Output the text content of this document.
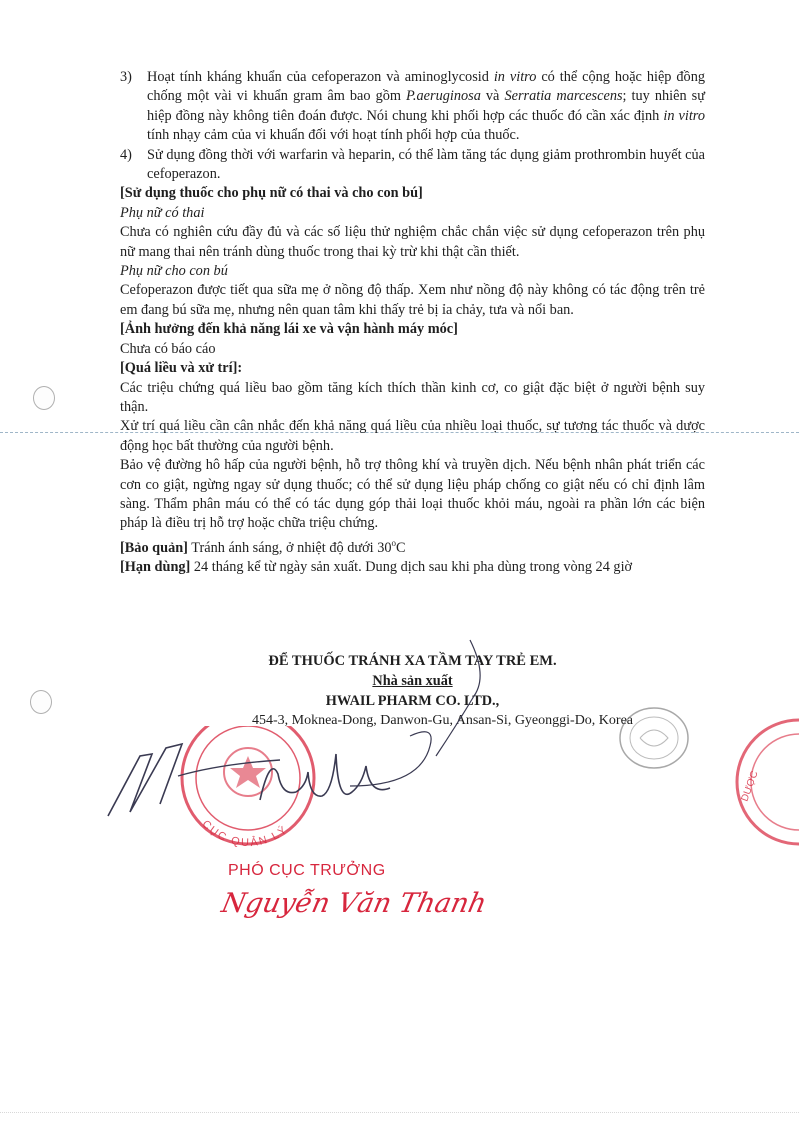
3) Hoạt tính kháng khuẩn của cefoperazon và aminoglycosid in vitro có thể cộng hoặc hiệp đồng chống một vài vi khuẩn gram âm bao gồm P.aeruginosa và Serratia marcescens; tuy nhiên sự hiệp đồng này không tiên đoán được. Nói chung khi phối hợp các thuốc đó cần xác định in vitro tính nhạy cảm của vi khuẩn đối với hoạt tính phối hợp của thuốc.
4) Sử dụng đồng thời với warfarin và heparin, có thể làm tăng tác dụng giảm prothrombin huyết của cefoperazon.
[Sử dụng thuốc cho phụ nữ có thai và cho con bú]
Phụ nữ có thai
Chưa có nghiên cứu đầy đủ và các số liệu thử nghiệm chắc chắn việc sử dụng cefoperazon trên phụ nữ mang thai nên tránh dùng thuốc trong thai kỳ trừ khi thật cần thiết.
Phụ nữ cho con bú
Cefoperazon được tiết qua sữa mẹ ở nồng độ thấp. Xem như nồng độ này không có tác động trên trẻ em đang bú sữa mẹ, nhưng nên quan tâm khi thấy trẻ bị ỉa chảy, tưa và nổi ban.
[Ảnh hưởng đến khả năng lái xe và vận hành máy móc]
Chưa có báo cáo
[Quá liều và xử trí]:
Các triệu chứng quá liều bao gồm tăng kích thích thần kinh cơ, co giật đặc biệt ở người bệnh suy thận.
Xử trí quá liều cần cân nhắc đến khả năng quá liều của nhiều loại thuốc, sự tương tác thuốc và dược động học bất thường của người bệnh.
Bảo vệ đường hô hấp của người bệnh, hỗ trợ thông khí và truyền dịch. Nếu bệnh nhân phát triển các cơn co giật, ngừng ngay sử dụng thuốc; có thể sử dụng liệu pháp chống co giật nếu có chỉ định lâm sàng. Thẩm phân máu có thể có tác dụng góp thải loại thuốc khỏi máu, ngoài ra phần lớn các biện pháp là điều trị hỗ trợ hoặc chữa triệu chứng.
[Bảo quản] Tránh ánh sáng, ở nhiệt độ dưới 30$^o$C
[Hạn dùng] 24 tháng kể từ ngày sản xuất. Dung dịch sau khi pha dùng trong vòng 24 giờ
ĐỂ THUỐC TRÁNH XA TẦM TAY TRẺ EM.
Nhà sản xuất
HWAIL PHARM CO. LTD.,
454-3, Moknea-Dong, Danwon-Gu, Ansan-Si, Gyeonggi-Do, Korea
CỤC QUẢN LÝ
DƯỢC
PHÓ CỤC TRƯỞNG
Nguyễn Văn Thanh
